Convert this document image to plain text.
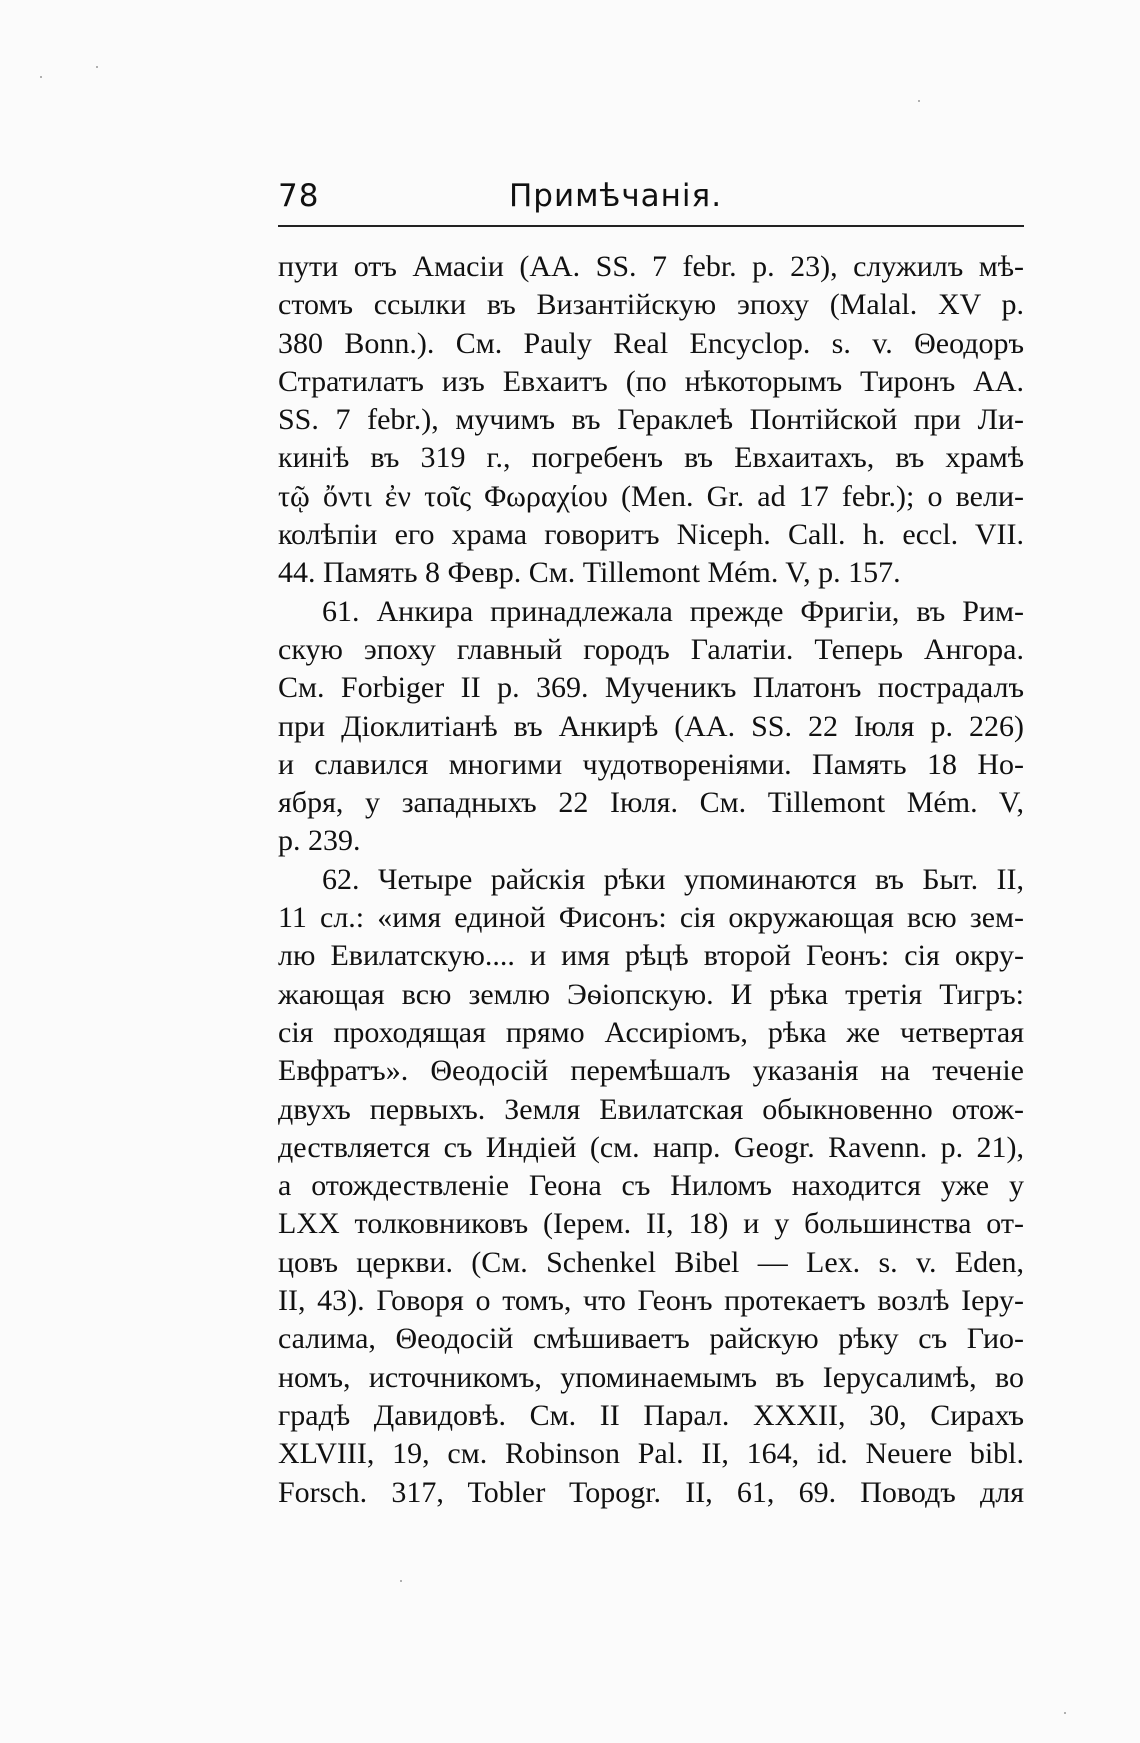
78	Примѣчанія.
пути отъ Амасіи (АА. SS. 7 febr. p. 23), служилъ мѣ-
стомъ ссылки въ Византійскую эпоху (Malal. XV p.
380 Bonn.). См. Pauly Real Encyclop. s. v. Θеодоръ
Стратилатъ изъ Евхаитъ (по нѣкоторымъ Тиронъ АА.
SS. 7 febr.), мучимъ въ Гераклеѣ Понтійской при Ли-
киніѣ въ 319 г., погребенъ въ Евхаитахъ, въ храмѣ
τῷ ὄντι ἐν τοῖς Φωραχίου (Men. Gr. ad 17 febr.); о вели-
колѣпіи его храма говоритъ Niceph. Call. h. eccl. VII.
44. Память 8 Февр. См. Tillemont Mém. V, p. 157.
61. Анкира принадлежала прежде Фригіи, въ Рим-
скую эпоху главный городъ Галатіи. Теперь Ангора.
См. Forbiger II p. 369. Мученикъ Платонъ пострадалъ
при Діоклитіанѣ въ Анкирѣ (АА. SS. 22 Іюля p. 226)
и славился многими чудотвореніями. Память 18 Но-
ября, у западныхъ 22 Іюля. См. Tillemont Mém. V,
p. 239.
62. Четыре райскія рѣки упоминаются въ Быт. II,
11 сл.: «имя единой Фисонъ: сія окружающая всю зем-
лю Евилатскую.... и имя рѣцѣ второй Геонъ: сія окру-
жающая всю землю Эѳіопскую. И рѣка третія Тигръ:
сія проходящая прямо Ассиріомъ, рѣка же четвертая
Евфратъ». Θеодосій перемѣшалъ указанія на теченіе
двухъ первыхъ. Земля Евилатская обыкновенно отож-
дествляется съ Индіей (см. напр. Geogr. Ravenn. p. 21),
а отождествленіе Геона съ Ниломъ находится уже у
LXX толковниковъ (Іерем. II, 18) и у большинства от-
цовъ церкви. (См. Schenkel Bibel — Lex. s. v. Eden,
II, 43). Говоря о томъ, что Геонъ протекаетъ возлѣ Іеру-
салима, Θеодосій смѣшиваетъ райскую рѣку съ Гио-
номъ, источникомъ, упоминаемымъ въ Іерусалимѣ, во
градѣ Давидовѣ. См. II Парал. XXXII, 30, Сирахъ
XLVIII, 19, см. Robinson Pal. II, 164, id. Neuere bibl.
Forsch. 317, Tobler Topogr. II, 61, 69. Поводъ для
